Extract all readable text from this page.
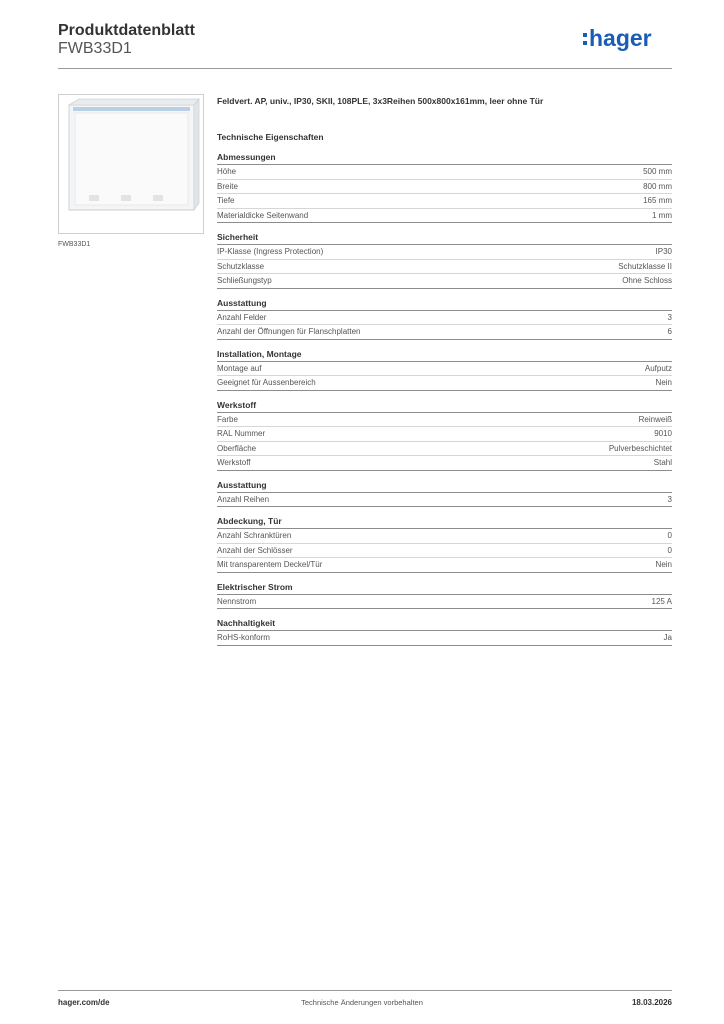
Produktdatenblatt
FWB33D1	hager
FWB33D1
Feldvert. AP, univ., IP30, SKII, 108PLE, 3x3Reihen 500x800x161mm, leer ohne Tür
Technische Eigenschaften
Abmessungen
Höhe	500 mm
Breite	800 mm
Tiefe	165 mm
Materialdicke Seitenwand	1 mm
Sicherheit
IP-Klasse (Ingress Protection)	IP30
Schutzklasse	Schutzklasse II
Schließungstyp	Ohne Schloss
Ausstattung
Anzahl Felder	3
Anzahl der Öffnungen für Flanschplatten	6
Installation, Montage
Montage auf	Aufputz
Geeignet für Aussenbereich	Nein
Werkstoff
Farbe	Reinweiß
RAL Nummer	9010
Oberfläche	Pulverbeschichtet
Werkstoff	Stahl
Ausstattung
Anzahl Reihen	3
Abdeckung, Tür
Anzahl Schranktüren	0
Anzahl der Schlösser	0
Mit transparentem Deckel/Tür	Nein
Elektrischer Strom
Nennstrom	125 A
Nachhaltigkeit
RoHS-konform	Ja
hager.com/de	Technische Änderungen vorbehalten	18.03.2026
